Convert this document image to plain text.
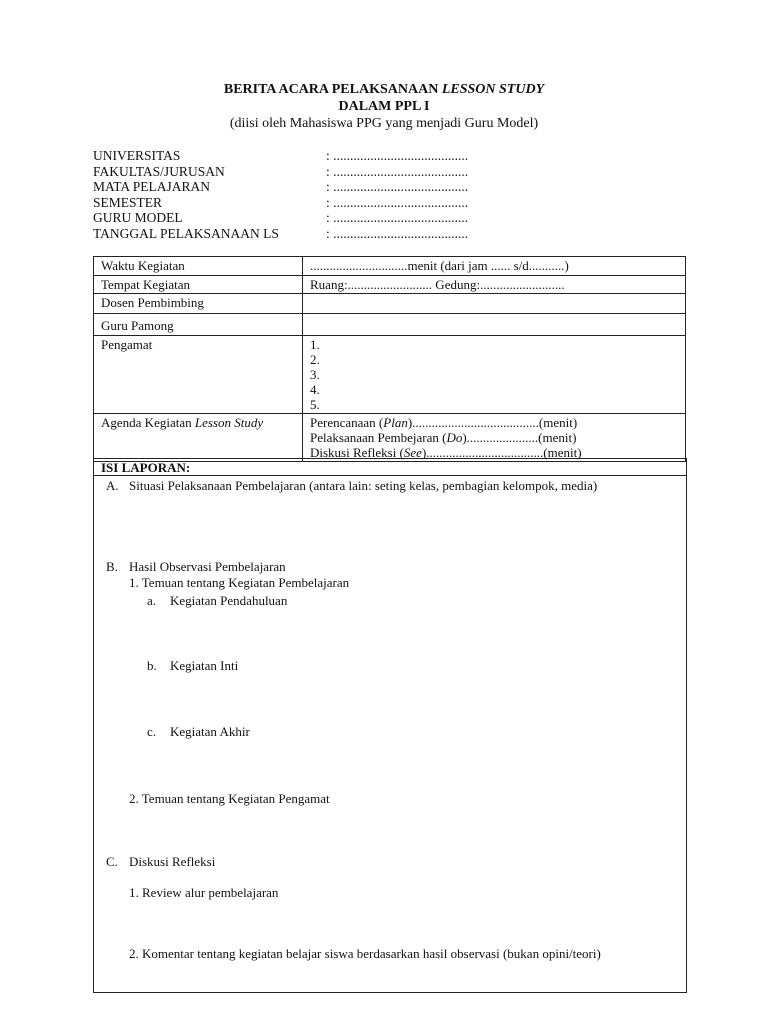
BERITA ACARA PELAKSANAAN LESSON STUDY
DALAM PPL I
(diisi oleh Mahasiswa PPG yang menjadi Guru Model)
UNIVERSITAS	: ........................................
FAKULTAS/JURUSAN	: ........................................
MATA PELAJARAN	: ........................................
SEMESTER	: ........................................
GURU MODEL	: ........................................
TANGGAL PELAKSANAAN LS	: ........................................
Waktu Kegiatan	..............................menit (dari jam ...... s/d...........)
Tempat Kegiatan	Ruang:.......................... Gedung:..........................
Dosen Pembimbing	
Guru Pamong	
Pengamat	1.
2.
3.
4.
5.

Agenda Kegiatan Lesson Study	Perencanaan (Plan).......................................(menit)
Pelaksanaan Pembejaran (Do)......................(menit)
Diskusi Refleksi (See)....................................(menit)
ISI LAPORAN:
A. Situasi Pelaksanaan Pembelajaran (antara lain: seting kelas, pembagian kelompok, media)
B. Hasil Observasi Pembelajaran
1. Temuan tentang Kegiatan Pembelajaran
a. Kegiatan Pendahuluan
b. Kegiatan Inti
c. Kegiatan Akhir
2. Temuan tentang Kegiatan Pengamat
C. Diskusi Refleksi
1. Review alur pembelajaran
2. Komentar tentang kegiatan belajar siswa berdasarkan hasil observasi (bukan opini/teori)
